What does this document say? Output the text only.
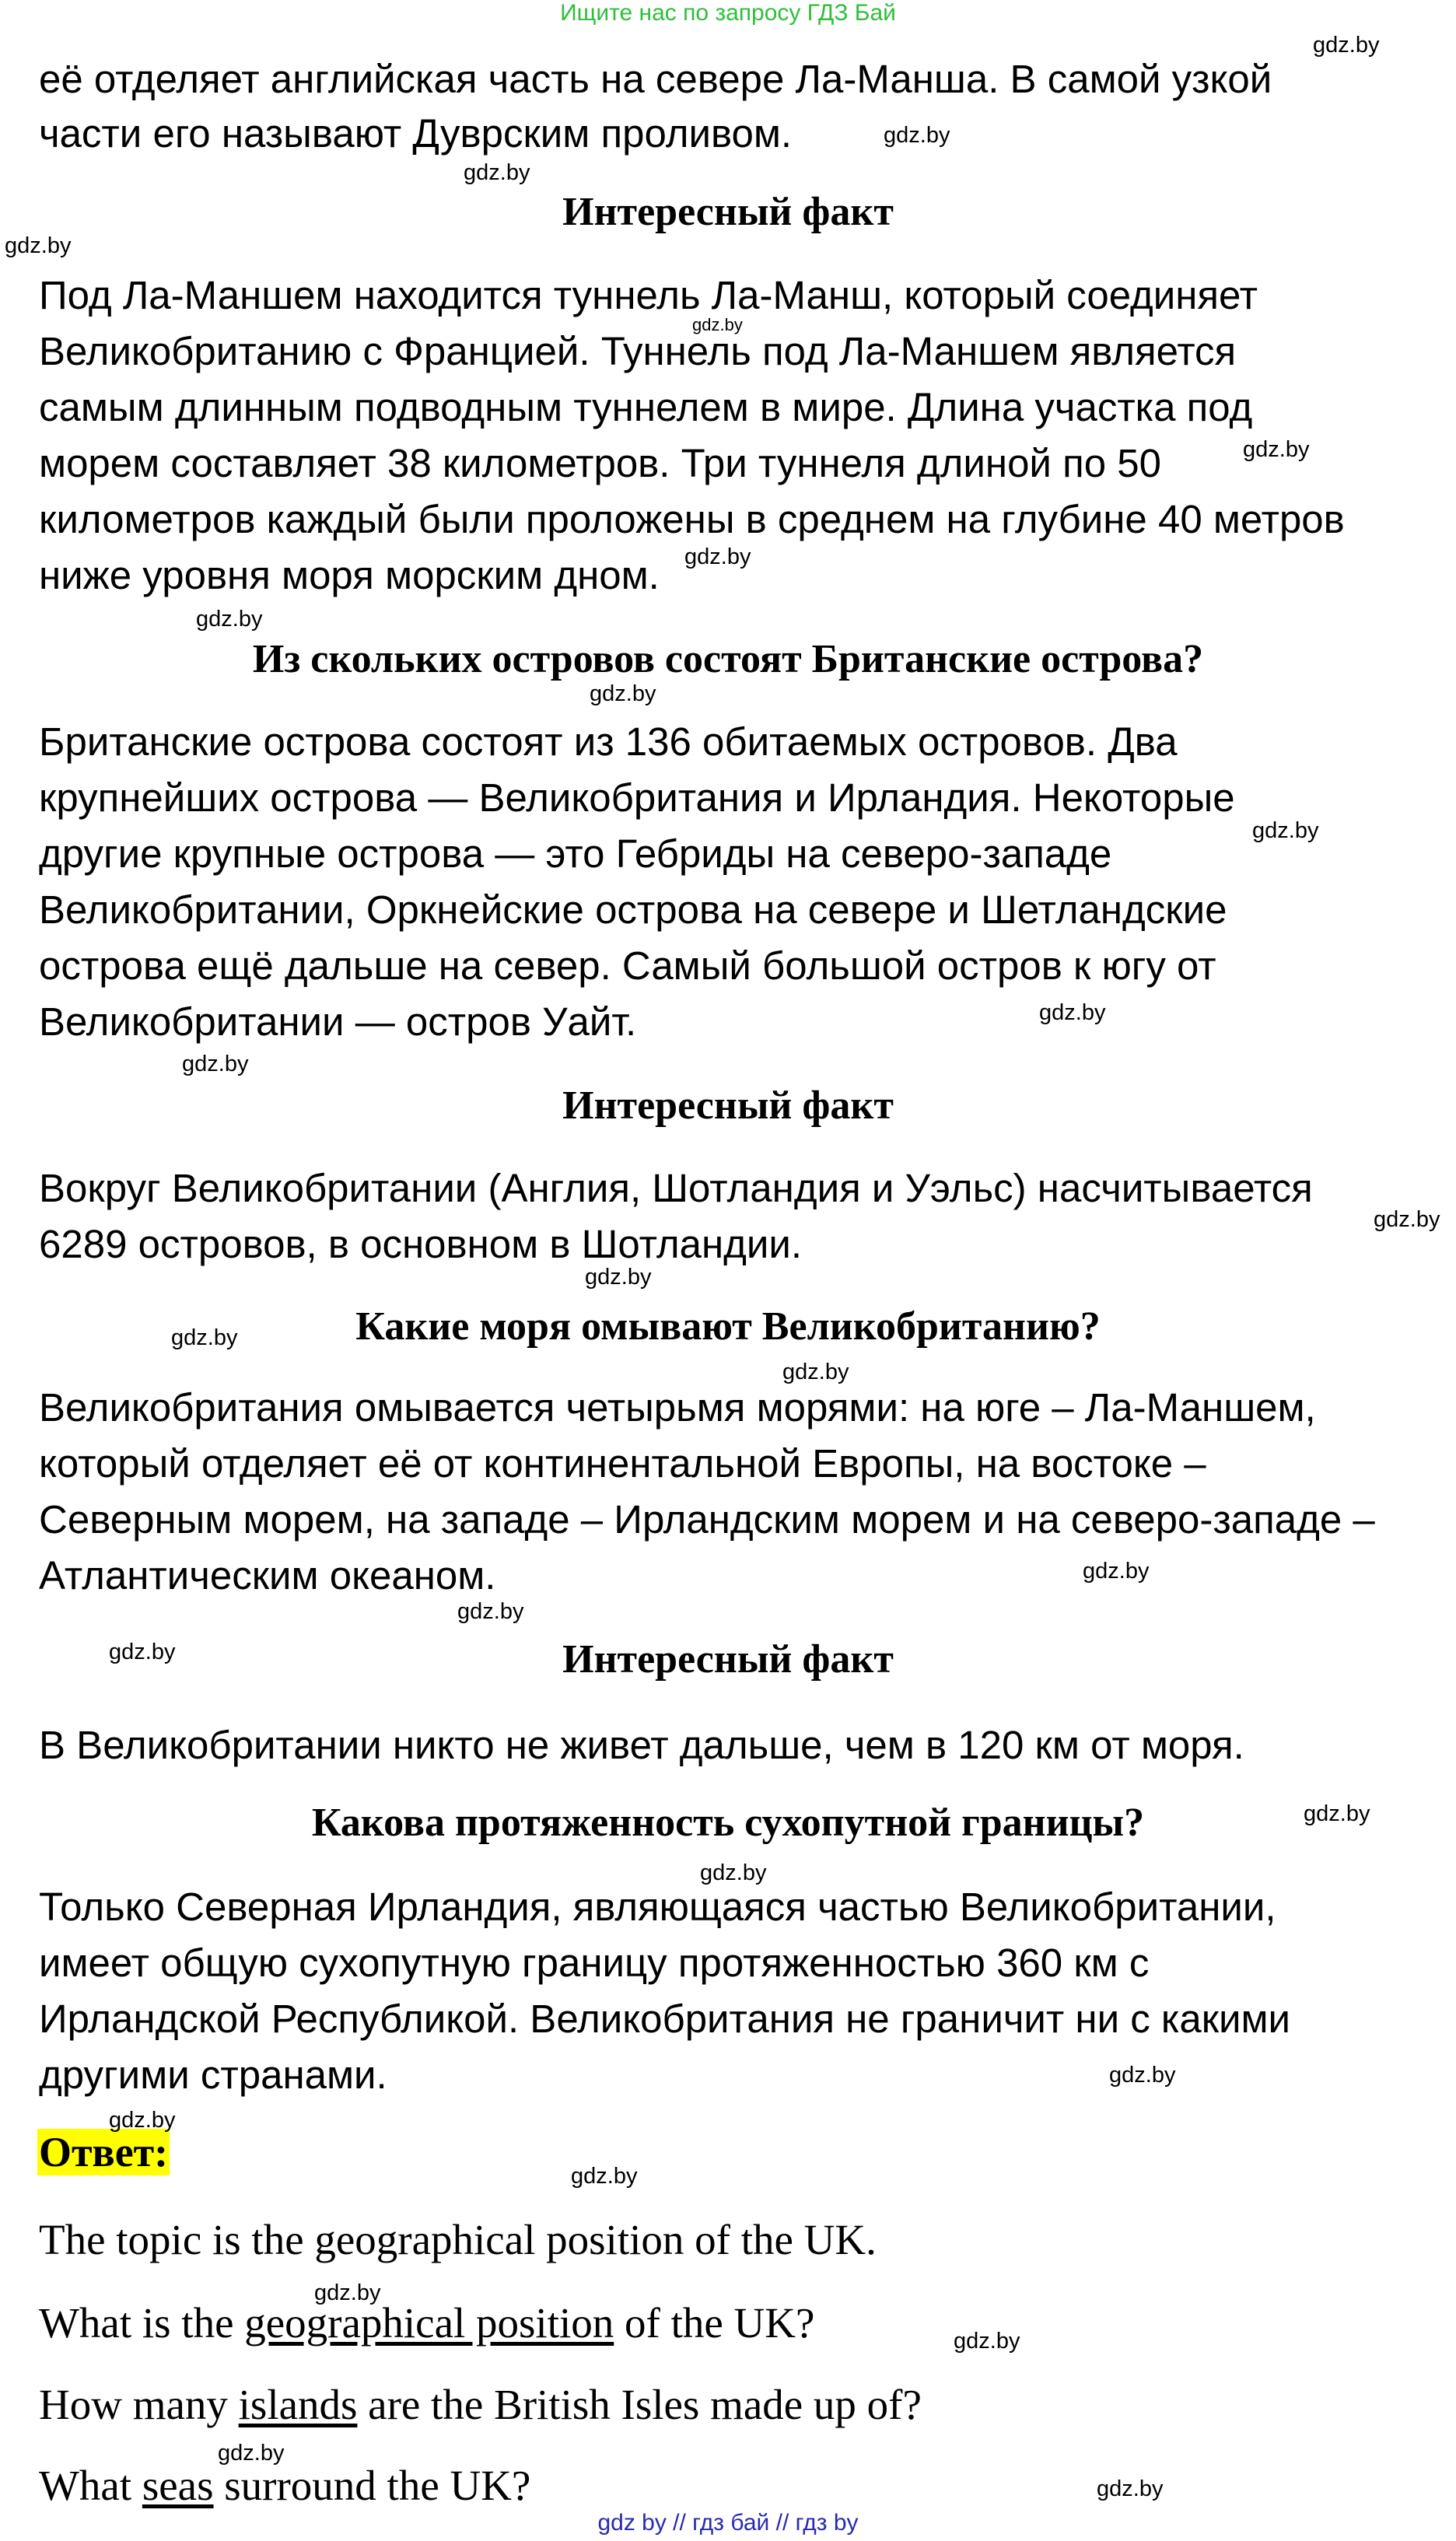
Ищите нас по запросу ГДЗ Бай
её отделяет английская часть на севере Ла-Манша. В самой узкой
части его называют Дуврским проливом.
Интересный факт
Под Ла-Маншем находится туннель Ла-Манш, который соединяет
Великобританию с Францией. Туннель под Ла-Маншем является
самым длинным подводным туннелем в мире. Длина участка под
морем составляет 38 километров. Три туннеля длиной по 50
километров каждый были проложены в среднем на глубине 40 метров
ниже уровня моря морским дном.
Из скольких островов состоят Британские острова?
Британские острова состоят из 136 обитаемых островов. Два
крупнейших острова — Великобритания и Ирландия. Некоторые
другие крупные острова — это Гебриды на северо-западе
Великобритании, Оркнейские острова на севере и Шетландские
острова ещё дальше на север. Самый большой остров к югу от
Великобритании — остров Уайт.
Интересный факт
Вокруг Великобритании (Англия, Шотландия и Уэльс) насчитывается
6289 островов, в основном в Шотландии.
Какие моря омывают Великобританию?
Великобритания омывается четырьмя морями: на юге – Ла-Маншем,
который отделяет её от континентальной Европы, на востоке –
Северным морем, на западе – Ирландским морем и на северо-западе –
Атлантическим океаном.
Интересный факт
В Великобритании никто не живет дальше, чем в 120 км от моря.
Какова протяженность сухопутной границы?
Только Северная Ирландия, являющаяся частью Великобритании,
имеет общую сухопутную границу протяженностью 360 км с
Ирландской Республикой. Великобритания не граничит ни с какими
другими странами.
Ответ:
The topic is the geographical position of the UK.
What is the geographical position of the UK?
How many islands are the British Isles made up of?
What seas surround the UK?
gdz.by
gdz.by
gdz.by
gdz.by
gdz.by
gdz.by
gdz.by
gdz.by
gdz.by
gdz.by
gdz.by
gdz.by
gdz.by
gdz.by
gdz.by
gdz.by
gdz.by
gdz.by
gdz.by
gdz.by
gdz.by
gdz.by
gdz.by
gdz.by
gdz.by
gdz.by
gdz.by
gdz.by
gdz by // гдз бай // гдз by
